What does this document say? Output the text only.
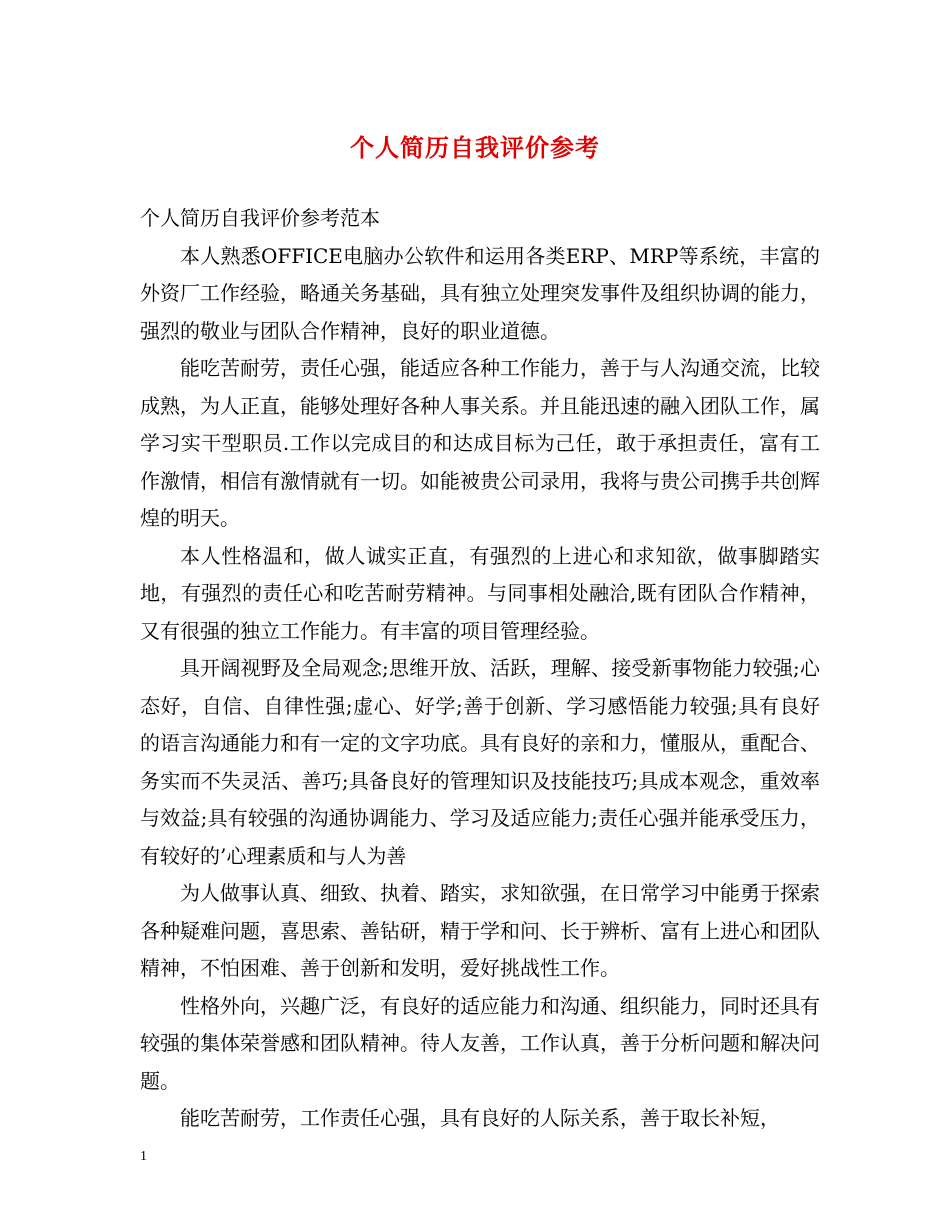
个人简历自我评价参考

个人简历自我评价参考范本

本人熟悉OFFICE电脑办公软件和运用各类ERP、MRP等系统，丰富的外资厂工作经验，略通关务基础，具有独立处理突发事件及组织协调的能力，强烈的敬业与团队合作精神，良好的职业道德。

能吃苦耐劳，责任心强，能适应各种工作能力，善于与人沟通交流，比较成熟，为人正直，能够处理好各种人事关系。并且能迅速的融入团队工作，属学习实干型职员.工作以完成目的和达成目标为己任，敢于承担责任，富有工作激情，相信有激情就有一切。如能被贵公司录用，我将与贵公司携手共创辉煌的明天。

本人性格温和，做人诚实正直，有强烈的上进心和求知欲，做事脚踏实地，有强烈的责任心和吃苦耐劳精神。与同事相处融洽,既有团队合作精神，又有很强的独立工作能力。有丰富的项目管理经验。

具开阔视野及全局观念;思维开放、活跃，理解、接受新事物能力较强;心态好，自信、自律性强;虚心、好学;善于创新、学习感悟能力较强;具有良好的语言沟通能力和有一定的文字功底。具有良好的亲和力，懂服从，重配合、务实而不失灵活、善巧;具备良好的管理知识及技能技巧;具成本观念，重效率与效益;具有较强的沟通协调能力、学习及适应能力;责任心强并能承受压力，有较好的’心理素质和与人为善

为人做事认真、细致、执着、踏实，求知欲强，在日常学习中能勇于探索各种疑难问题，喜思索、善钻研，精于学和问、长于辨析、富有上进心和团队精神，不怕困难、善于创新和发明，爱好挑战性工作。

性格外向，兴趣广泛，有良好的适应能力和沟通、组织能力，同时还具有较强的集体荣誉感和团队精神。待人友善，工作认真，善于分析问题和解决问题。

能吃苦耐劳，工作责任心强，具有良好的人际关系，善于取长补短，

1
